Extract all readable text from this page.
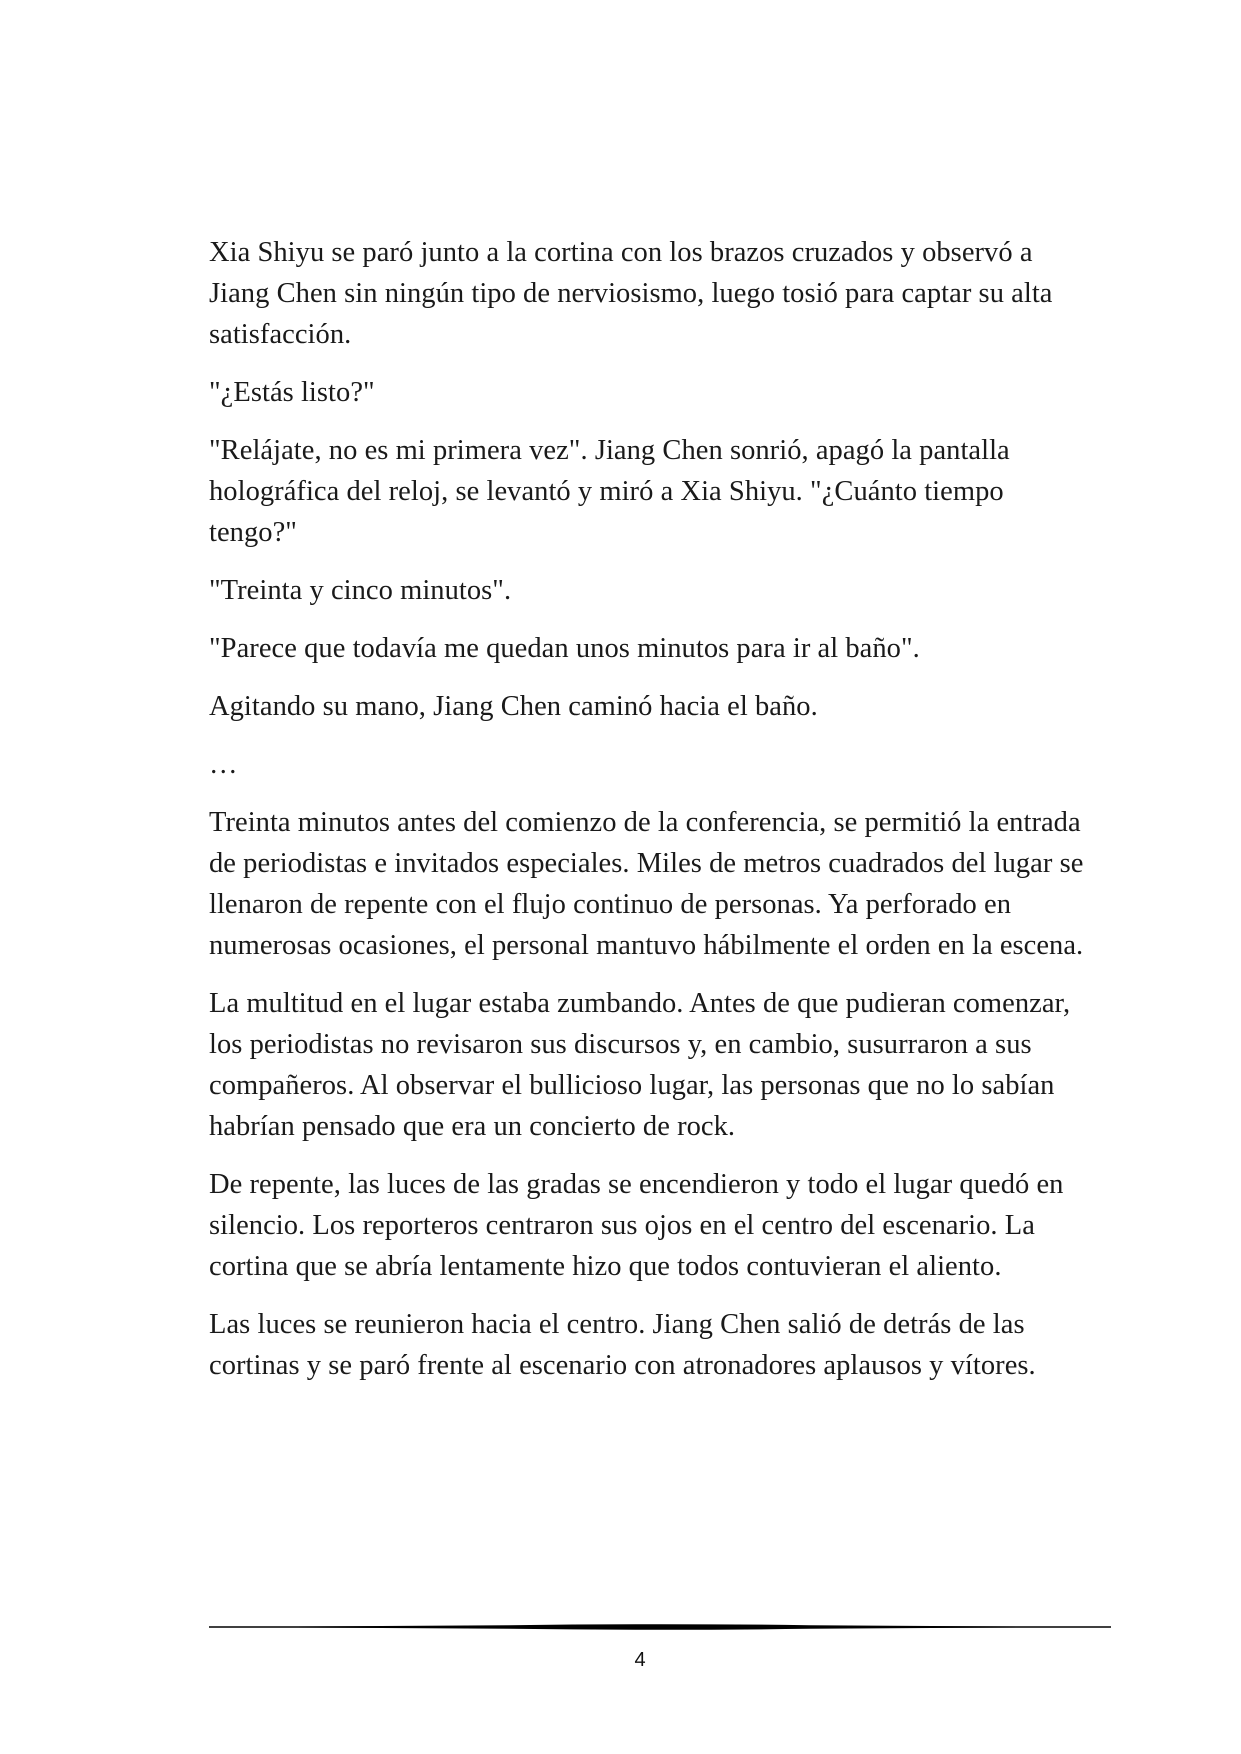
Xia Shiyu se paró junto a la cortina con los brazos cruzados y observó a Jiang Chen sin ningún tipo de nerviosismo, luego tosió para captar su alta satisfacción.

"¿Estás listo?"

"Relájate, no es mi primera vez". Jiang Chen sonrió, apagó la pantalla holográfica del reloj, se levantó y miró a Xia Shiyu. "¿Cuánto tiempo tengo?"

"Treinta y cinco minutos".

"Parece que todavía me quedan unos minutos para ir al baño".

Agitando su mano, Jiang Chen caminó hacia el baño.

…

Treinta minutos antes del comienzo de la conferencia, se permitió la entrada de periodistas e invitados especiales. Miles de metros cuadrados del lugar se llenaron de repente con el flujo continuo de personas. Ya perforado en numerosas ocasiones, el personal mantuvo hábilmente el orden en la escena.

La multitud en el lugar estaba zumbando. Antes de que pudieran comenzar, los periodistas no revisaron sus discursos y, en cambio, susurraron a sus compañeros. Al observar el bullicioso lugar, las personas que no lo sabían habrían pensado que era un concierto de rock.

De repente, las luces de las gradas se encendieron y todo el lugar quedó en silencio. Los reporteros centraron sus ojos en el centro del escenario. La cortina que se abría lentamente hizo que todos contuvieran el aliento.

Las luces se reunieron hacia el centro. Jiang Chen salió de detrás de las cortinas y se paró frente al escenario con atronadores aplausos y vítores.

4
